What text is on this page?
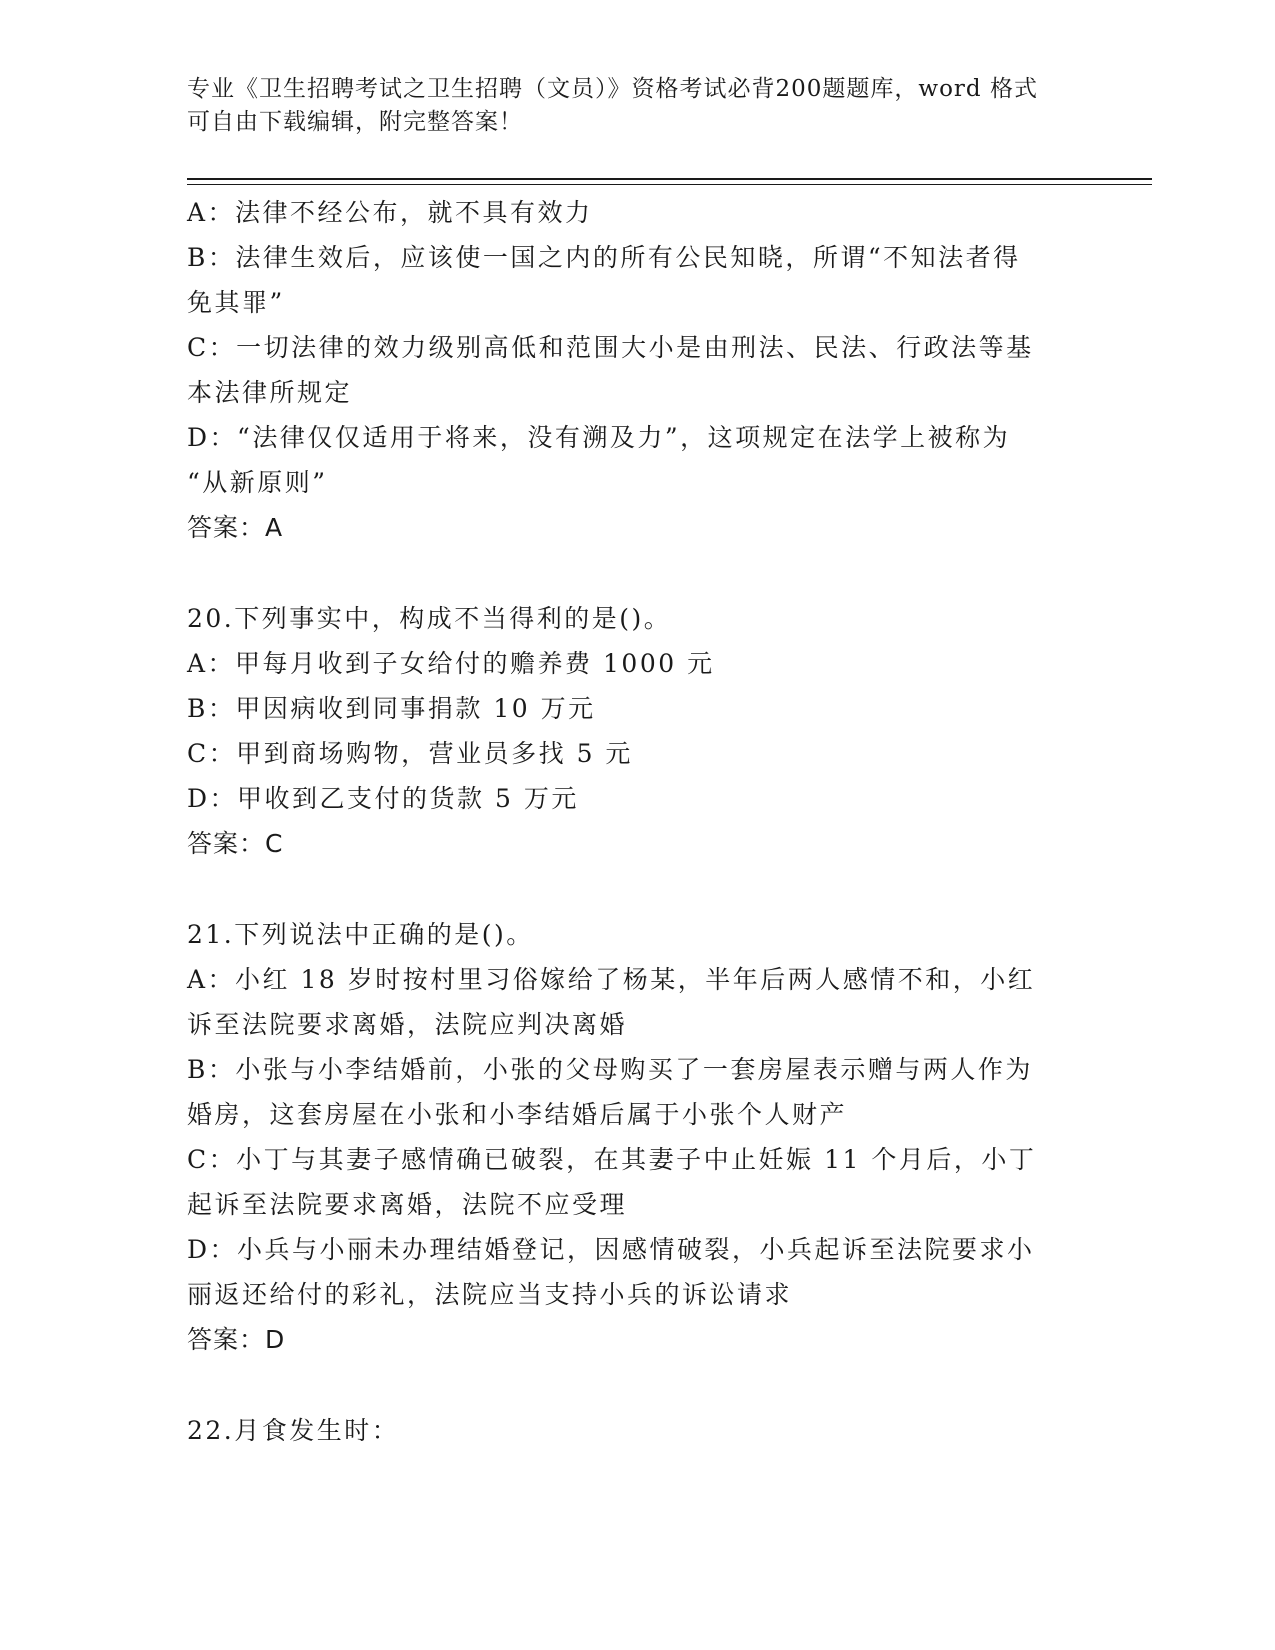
专业《卫生招聘考试之卫生招聘（文员）》资格考试必背200题题库，word 格式
可自由下载编辑，附完整答案！
A：法律不经公布，就不具有效力
B：法律生效后，应该使一国之内的所有公民知晓，所谓“不知法者得
免其罪”
C：一切法律的效力级别高低和范围大小是由刑法、民法、行政法等基
本法律所规定
D：“法律仅仅适用于将来，没有溯及力”，这项规定在法学上被称为
“从新原则”
答案：A
20.下列事实中，构成不当得利的是()。
A：甲每月收到子女给付的赡养费 1000 元
B：甲因病收到同事捐款 10 万元
C：甲到商场购物，营业员多找 5 元
D：甲收到乙支付的货款 5 万元
答案：C
21.下列说法中正确的是()。
A：小红 18 岁时按村里习俗嫁给了杨某，半年后两人感情不和，小红
诉至法院要求离婚，法院应判决离婚
B：小张与小李结婚前，小张的父母购买了一套房屋表示赠与两人作为
婚房，这套房屋在小张和小李结婚后属于小张个人财产
C：小丁与其妻子感情确已破裂，在其妻子中止妊娠 11 个月后，小丁
起诉至法院要求离婚，法院不应受理
D：小兵与小丽未办理结婚登记，因感情破裂，小兵起诉至法院要求小
丽返还给付的彩礼，法院应当支持小兵的诉讼请求
答案：D
22.月食发生时：
